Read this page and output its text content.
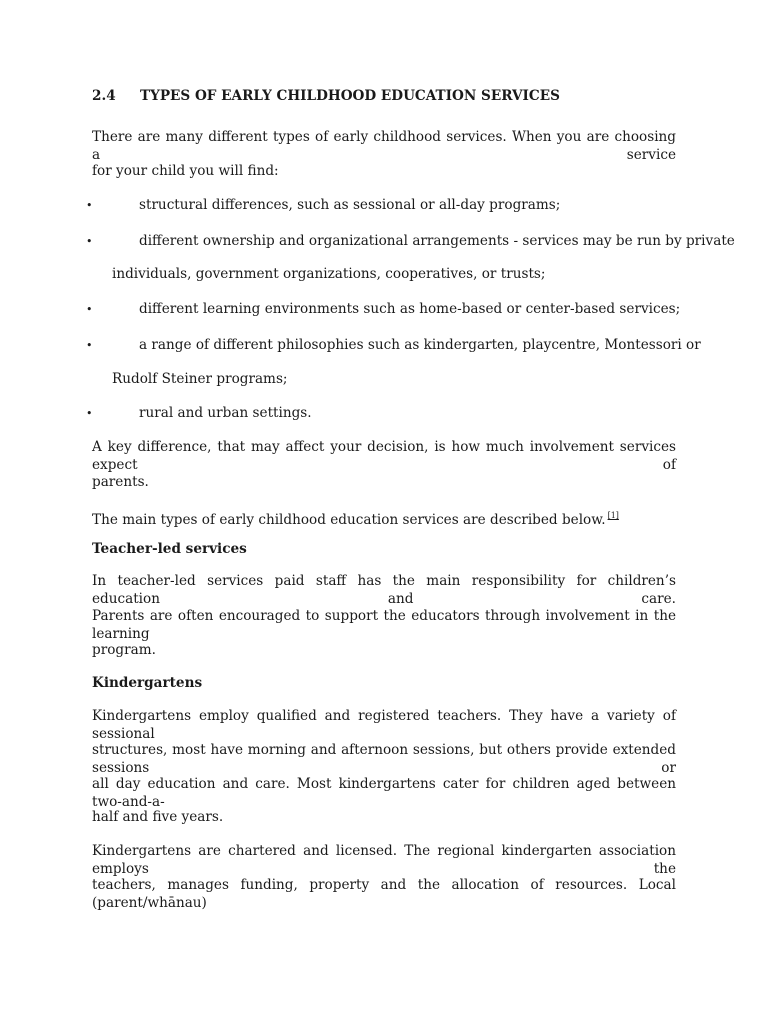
2.4 TYPES OF EARLY CHILDHOOD EDUCATION SERVICES
There are many different types of early childhood services. When you are choosing a service
for your child you will find:
•	structural differences, such as sessional or all-day programs;
•	different ownership and organizational arrangements - services may be run by private
individuals, government organizations, cooperatives, or trusts;
•	different learning environments such as home-based or center-based services;
•	a range of different philosophies such as kindergarten, playcentre, Montessori or
Rudolf Steiner programs;
•	rural and urban settings.
A key difference, that may affect your decision, is how much involvement services expect of
parents.
The main types of early childhood education services are described below. [1]
Teacher-led services
In teacher-led services paid staff has the main responsibility for children’s education and care.
Parents are often encouraged to support the educators through involvement in the learning
program.
Kindergartens
Kindergartens employ qualified and registered teachers. They have a variety of sessional
structures, most have morning and afternoon sessions, but others provide extended sessions or
all day education and care. Most kindergartens cater for children aged between two-and-a-
half and five years.
Kindergartens are chartered and licensed. The regional kindergarten association employs the
teachers, manages funding, property and the allocation of resources. Local (parent/whānau)
